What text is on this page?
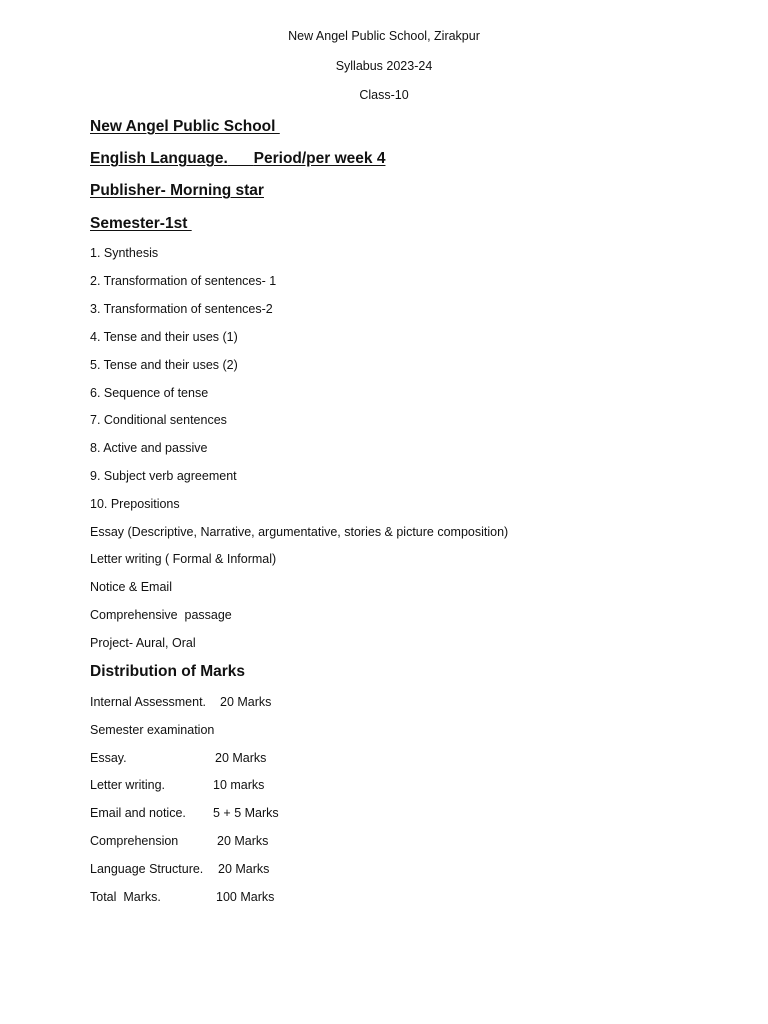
New Angel Public School, Zirakpur
Syllabus 2023-24
Class-10
New Angel Public School
English Language. Period/per week 4
Publisher- Morning star
Semester-1st
1. Synthesis
2. Transformation of sentences- 1
3. Transformation of sentences-2
4. Tense and their uses (1)
5. Tense and their uses (2)
6. Sequence of tense
7. Conditional sentences
8. Active and passive
9. Subject verb agreement
10. Prepositions
Essay (Descriptive, Narrative, argumentative, stories & picture composition)
Letter writing ( Formal & Informal)
Notice & Email
Comprehensive  passage
Project- Aural, Oral
Distribution of Marks
Internal Assessment. 20 Marks
Semester examination
Essay.	20 Marks
Letter writing.	10 marks
Email and notice. 5 + 5 Marks
Comprehension	20 Marks
Language Structure. 20 Marks
Total  Marks.	100 Marks
